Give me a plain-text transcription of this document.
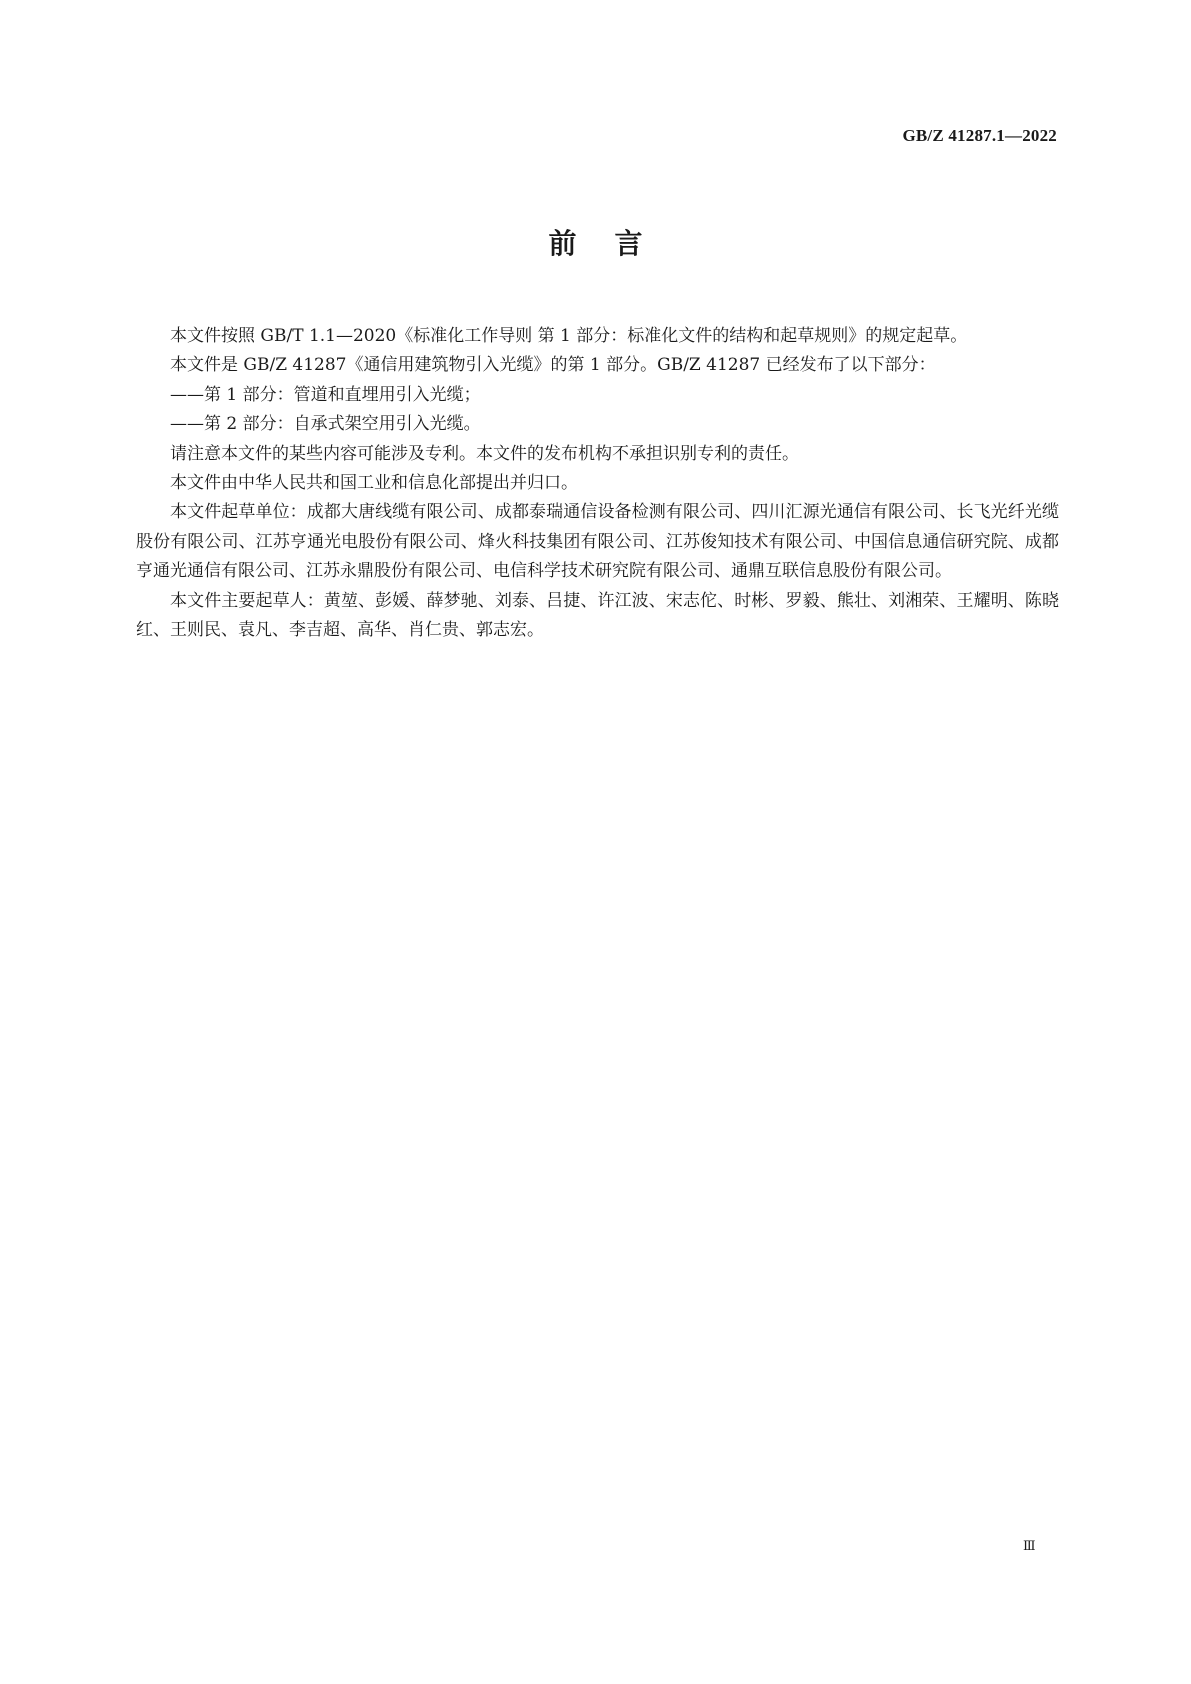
GB/Z 41287.1—2022
前言

本文件按照 GB/T 1.1—2020《标准化工作导则 第 1 部分：标准化文件的结构和起草规则》的规定起草。

本文件是 GB/Z 41287《通信用建筑物引入光缆》的第 1 部分。GB/Z 41287 已经发布了以下部分：

——第 1 部分：管道和直埋用引入光缆；

——第 2 部分：自承式架空用引入光缆。

请注意本文件的某些内容可能涉及专利。本文件的发布机构不承担识别专利的责任。

本文件由中华人民共和国工业和信息化部提出并归口。

本文件起草单位：成都大唐线缆有限公司、成都泰瑞通信设备检测有限公司、四川汇源光通信有限公司、长飞光纤光缆股份有限公司、江苏亨通光电股份有限公司、烽火科技集团有限公司、江苏俊知技术有限公司、中国信息通信研究院、成都亨通光通信有限公司、江苏永鼎股份有限公司、电信科学技术研究院有限公司、通鼎互联信息股份有限公司。

本文件主要起草人：黄堃、彭媛、薛梦驰、刘泰、吕捷、许江波、宋志佗、时彬、罗毅、熊壮、刘湘荣、王耀明、陈晓红、王则民、袁凡、李吉超、高华、肖仁贵、郭志宏。

Ⅲ
